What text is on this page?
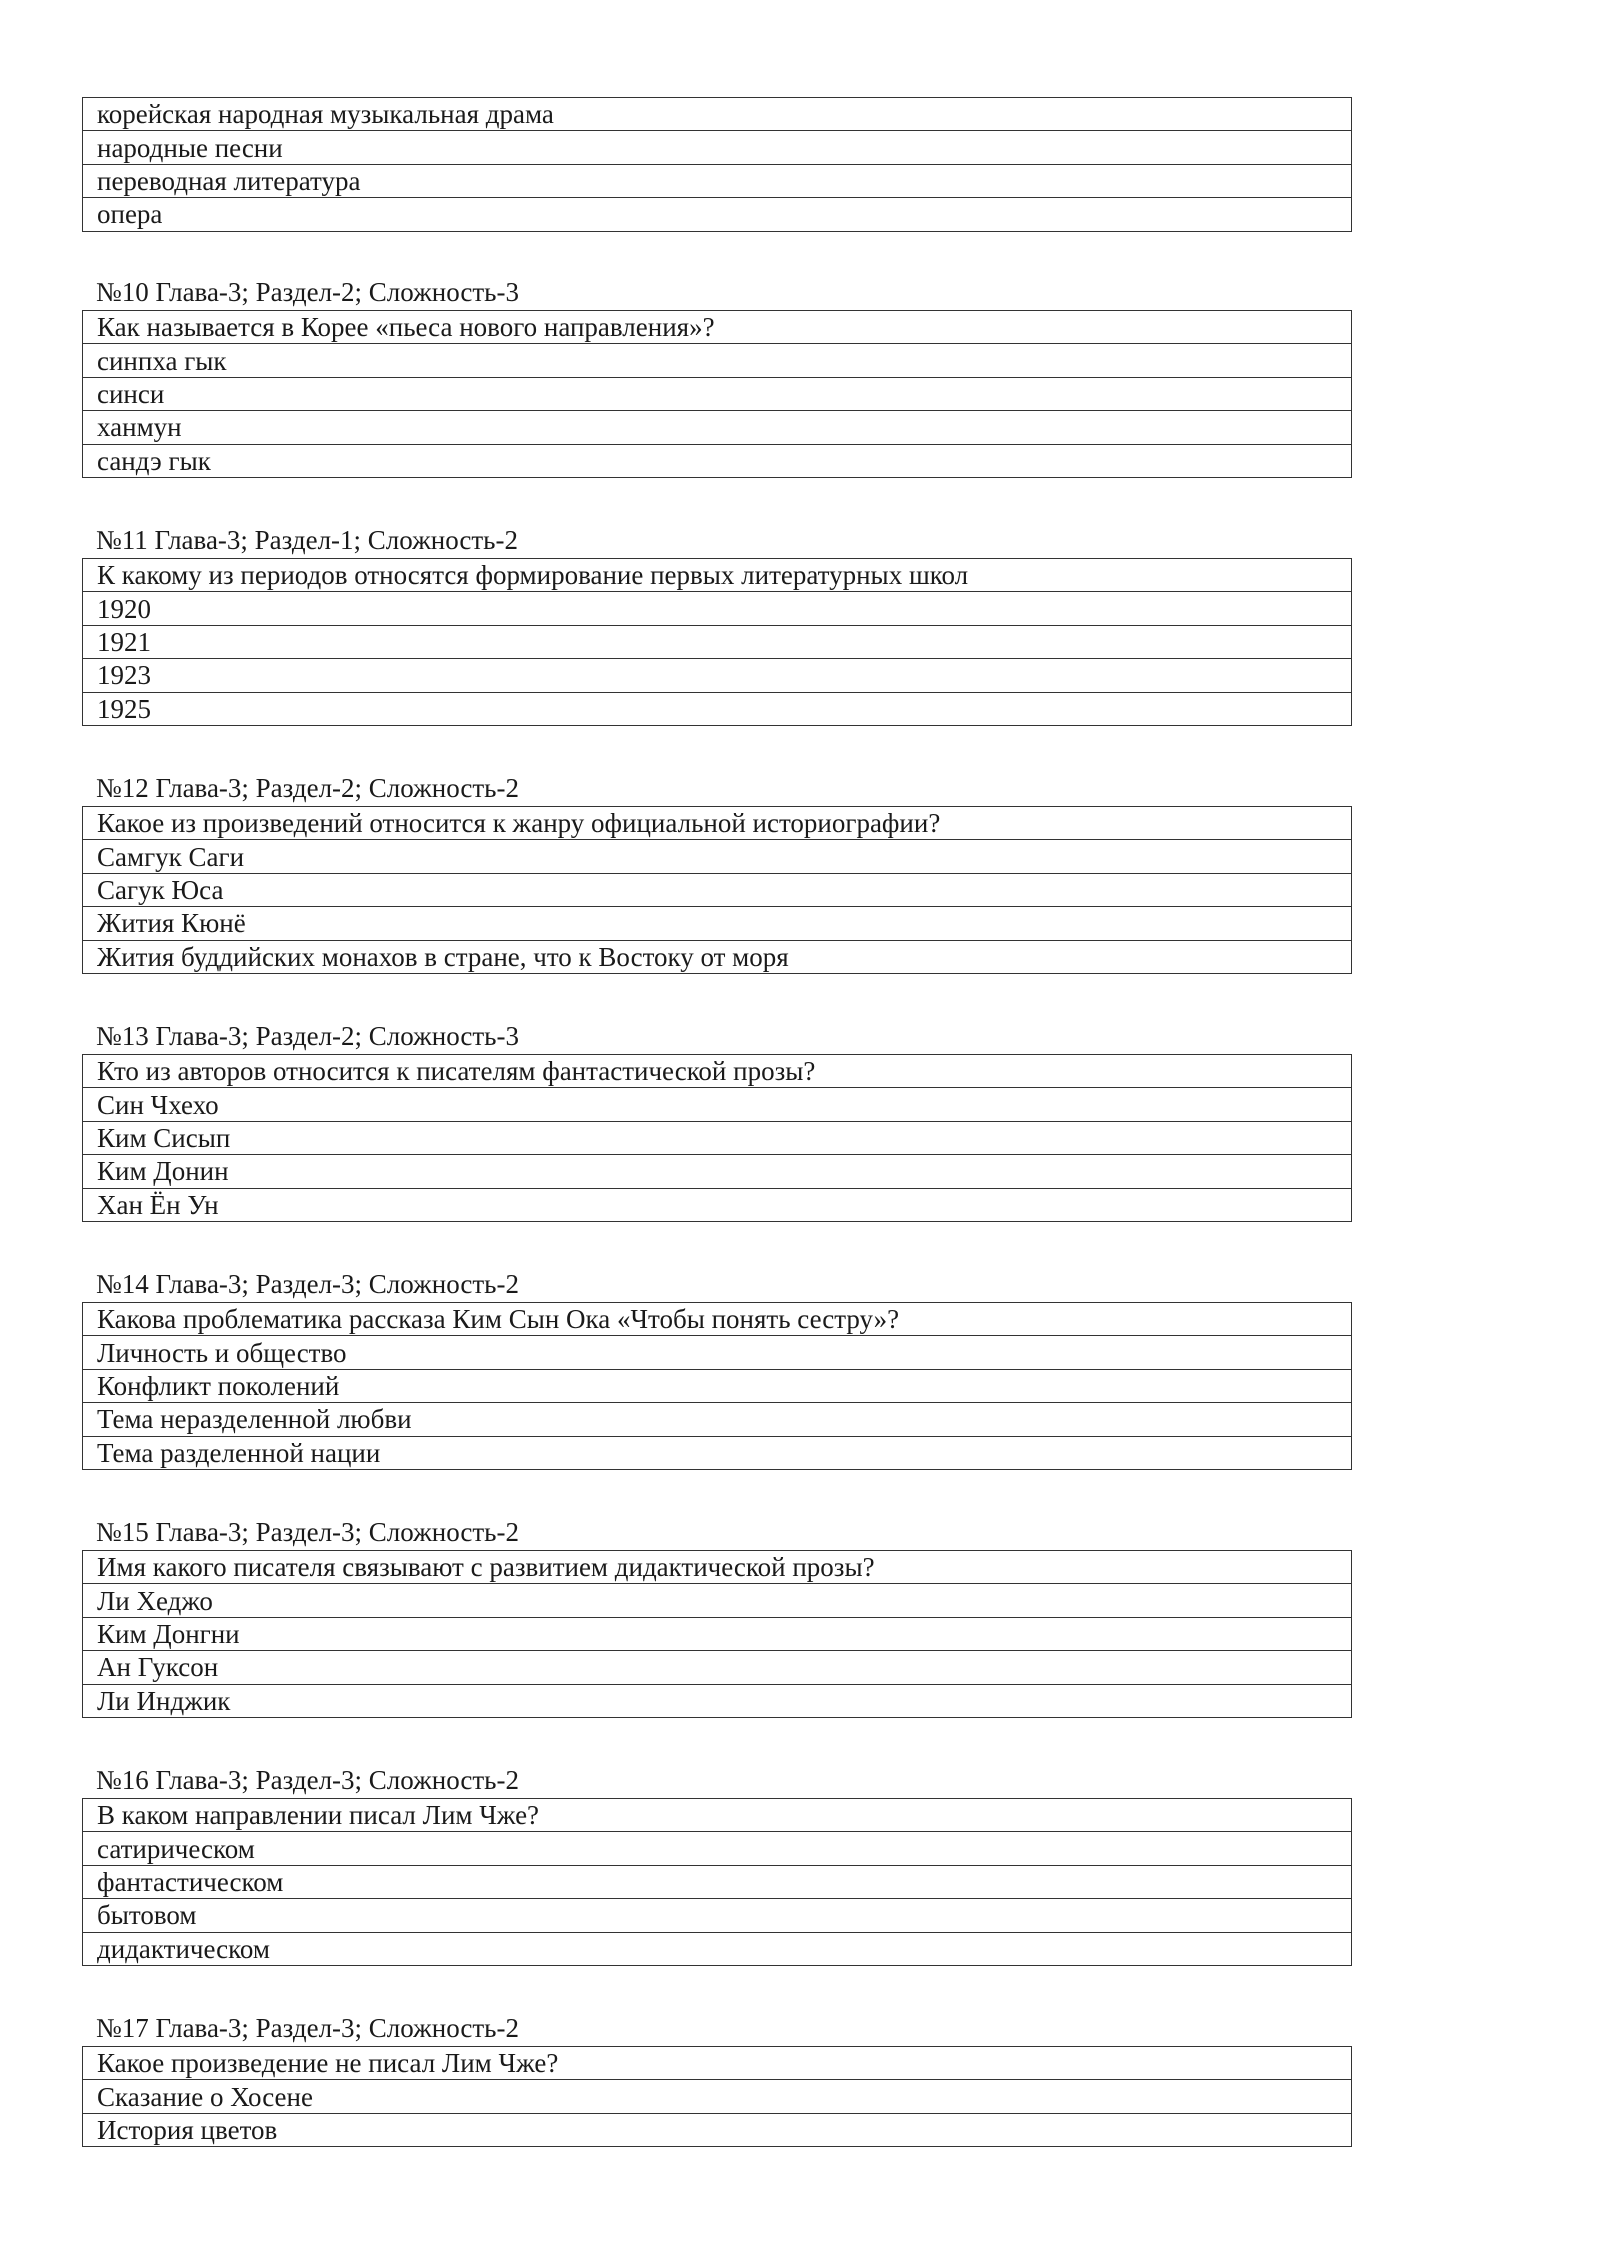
корейская народная музыкальная драма
народные песни
переводная литература
опера
№10 Глава-3; Раздел-2; Сложность-3
Как называется в Корее «пьеса нового направления»?
синпха гык
синси
ханмун
сандэ гык
№11 Глава-3; Раздел-1; Сложность-2
К какому из периодов относятся формирование первых литературных школ
1920
1921
1923
1925
№12 Глава-3; Раздел-2; Сложность-2
Какое из произведений относится к жанру официальной историографии?
Самгук Саги
Сагук Юса
Жития Кюнё
Жития буддийских монахов в стране, что к Востоку от моря
№13 Глава-3; Раздел-2; Сложность-3
Кто из авторов относится к писателям фантастической прозы?
Син Чхехо
Ким Сисып
Ким Донин
Хан Ён Ун
№14 Глава-3; Раздел-3; Сложность-2
Какова проблематика рассказа Ким Сын Ока «Чтобы понять сестру»?
Личность и общество
Конфликт поколений
Тема неразделенной любви
Тема разделенной нации
№15 Глава-3; Раздел-3; Сложность-2
Имя какого писателя связывают с развитием дидактической прозы?
Ли Хеджо
Ким Донгни
Ан Гуксон
Ли Инджик
№16 Глава-3; Раздел-3; Сложность-2
В каком направлении писал Лим Чже?
сатирическом
фантастическом
бытовом
дидактическом
№17 Глава-3; Раздел-3; Сложность-2
Какое произведение не писал Лим Чже?
Сказание о Хосене
История цветов
